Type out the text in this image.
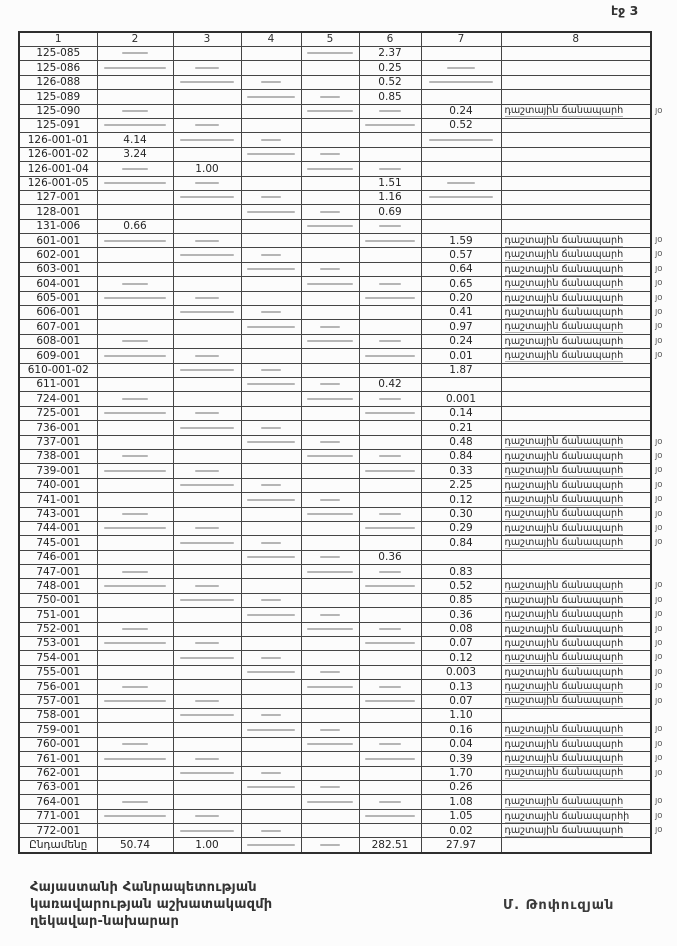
էջ 3
1	2	3	4	5	6	7	8
125-085					2.37		
125-086					0.25		
126-088					0.52		
125-089					0.85		
125-090						0.24	դաշտային ճանապարհ յօ

125-091						0.52	
126-001-01	4.14						
126-001-02	3.24						
126-001-04		1.00					
126-001-05					1.51		
127-001					1.16		
128-001					0.69		
131-006	0.66						
601-001						1.59	դաշտային ճանապարհ յօ

602-001						0.57	դաշտային ճանապարհ յօ

603-001						0.64	դաշտային ճանապարհ յօ

604-001						0.65	դաշտային ճանապարհ յօ

605-001						0.20	դաշտային ճանապարհ յօ

606-001						0.41	դաշտային ճանապարհ յօ

607-001						0.97	դաշտային ճանապարհ յօ

608-001						0.24	դաշտային ճանապարհ յօ

609-001						0.01	դաշտային ճանապարհ յօ

610-001-02						1.87	
611-001					0.42		
724-001						0.001	
725-001						0.14	
736-001						0.21	
737-001						0.48	դաշտային ճանապարհ յօ

738-001						0.84	դաշտային ճանապարհ յօ

739-001						0.33	դաշտային ճանապարհ յօ

740-001						2.25	դաշտային ճանապարհ յօ

741-001						0.12	դաշտային ճանապարհ յօ

743-001						0.30	դաշտային ճանապարհ յօ

744-001						0.29	դաշտային ճանապարհ յօ

745-001						0.84	դաշտային ճանապարհ յօ

746-001					0.36		
747-001						0.83	
748-001						0.52	դաշտային ճանապարհ յօ

750-001						0.85	դաշտային ճանապարհ յօ

751-001						0.36	դաշտային ճանապարհ յօ

752-001						0.08	դաշտային ճանապարհ յօ

753-001						0.07	դաշտային ճանապարհ յօ

754-001						0.12	դաշտային ճանապարհ յօ

755-001						0.003	դաշտային ճանապարհ յօ

756-001						0.13	դաշտային ճանապարհ յօ

757-001						0.07	դաշտային ճանապարհ յօ

758-001						1.10	
759-001						0.16	դաշտային ճանապարհ յօ

760-001						0.04	դաշտային ճանապարհ յօ

761-001						0.39	դաշտային ճանապարհ յօ

762-001						1.70	դաշտային ճանապարհ յօ

763-001						0.26	
764-001						1.08	դաշտային ճանապարհ յօ

771-001						1.05	դաշտային ճանապարհի յօ

772-001						0.02	դաշտային ճանապարհ յօ

Ընդամենը	50.74	1.00			282.51	27.97	
Հայաստանի Հանրապետության
կառավարության աշխատակազմի
ղեկավար-նախարար
Մ. Թոփուզյան
